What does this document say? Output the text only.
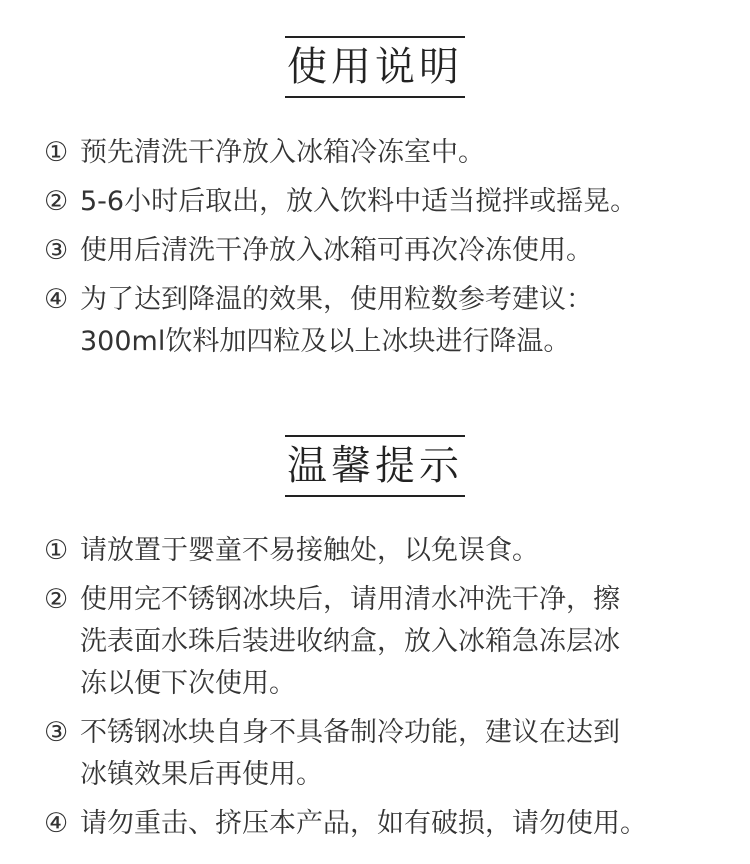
使用说明
① 预先清洗干净放入冰箱冷冻室中。
② 5-6小时后取出，放入饮料中适当搅拌或摇晃。
③ 使用后清洗干净放入冰箱可再次冷冻使用。
④ 为了达到降温的效果，使用粒数参考建议：
300ml饮料加四粒及以上冰块进行降温。
温馨提示
① 请放置于婴童不易接触处，以免误食。
② 使用完不锈钢冰块后，请用清水冲洗干净，擦
洗表面水珠后装进收纳盒，放入冰箱急冻层冰
冻以便下次使用。
③ 不锈钢冰块自身不具备制冷功能，建议在达到
冰镇效果后再使用。
④ 请勿重击、挤压本产品，如有破损，请勿使用。
